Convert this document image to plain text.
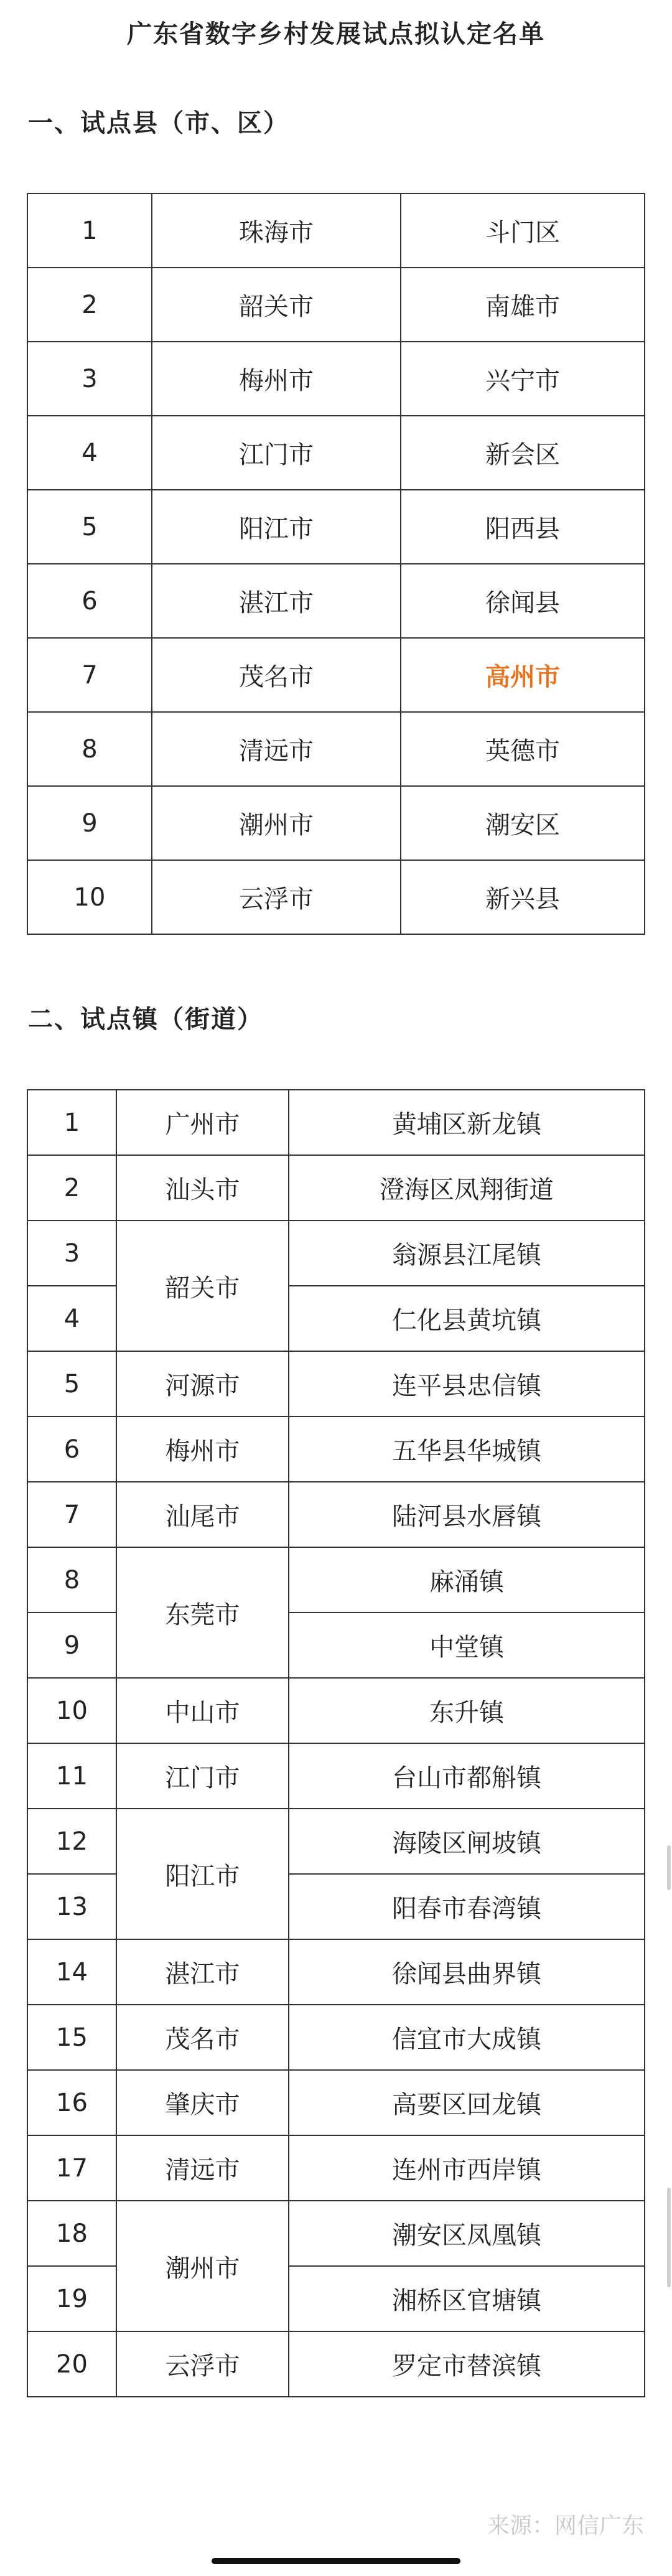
广东省数字乡村发展试点拟认定名单
一、试点县（市、区）
1	珠海市	斗门区
2	韶关市	南雄市
3	梅州市	兴宁市
4	江门市	新会区
5	阳江市	阳西县
6	湛江市	徐闻县
7	茂名市	高州市
8	清远市	英德市
9	潮州市	潮安区
10	云浮市	新兴县
二、试点镇（街道）
1	广州市	黄埔区新龙镇
2	汕头市	澄海区凤翔街道
3	韶关市	翁源县江尾镇
4		仁化县黄坑镇
5	河源市	连平县忠信镇
6	梅州市	五华县华城镇
7	汕尾市	陆河县水唇镇
8	东莞市	麻涌镇
9		中堂镇
10	中山市	东升镇
11	江门市	台山市都斛镇
12	阳江市	海陵区闸坡镇
13		阳春市春湾镇
14	湛江市	徐闻县曲界镇
15	茂名市	信宜市大成镇
16	肇庆市	高要区回龙镇
17	清远市	连州市西岸镇
18	潮州市	潮安区凤凰镇
19		湘桥区官塘镇
20	云浮市	罗定市替滨镇
来源：网信广东
